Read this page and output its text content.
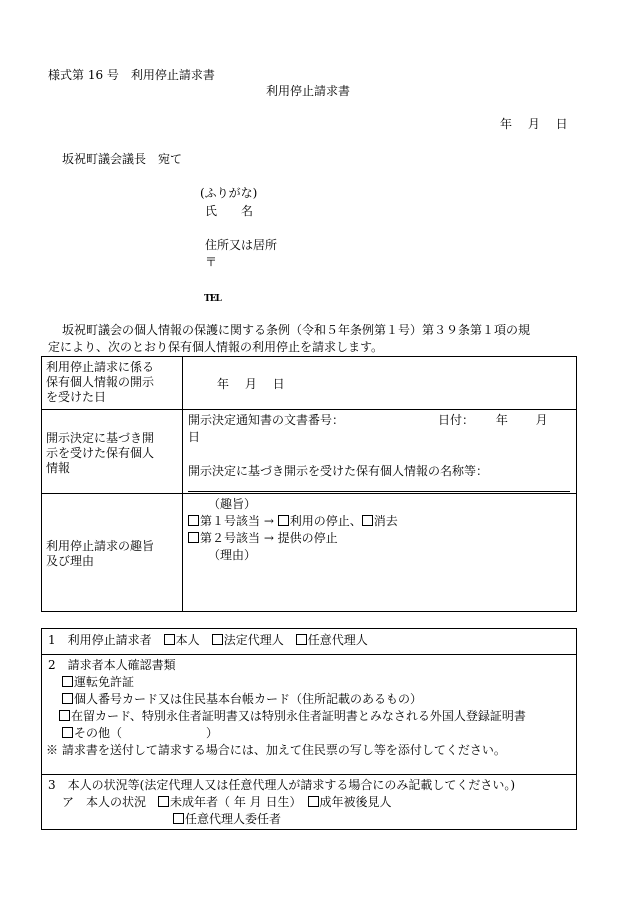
様式第 16 号　利用停止請求書
利用停止請求書
年　 月　 日
坂祝町議会議長　宛て
(ふりがな)
氏　　名
住所又は居所
〒
TEL
坂祝町議会の個人情報の保護に関する条例（令和５年条例第１号）第３９条第１項の規
定により、次のとおり保有個人情報の利用停止を請求します。
利用停止請求に係る
保有個人情報の開示
を受けた日
年　 月　 日
開示決定に基づき開
示を受けた保有個人
情報
開示決定通知書の文書番号：	日付：　　 年　　 月
日
開示決定に基づき開示を受けた保有個人情報の名称等：
利用停止請求の趣旨
及び理由
（趣旨）
第１号該当 → 利用の停止、 消去
第２号該当 → 提供の停止
（理由）
1　利用停止請求者　 本人　 法定代理人　 任意代理人
2　請求者本人確認書類
運転免許証
個人番号カード又は住民基本台帳カード（住所記載のあるもの）
在留カード、特別永住者証明書又は特別永住者証明書とみなされる外国人登録証明書
その他（　　　　　　　）
※ 請求書を送付して請求する場合には、加えて住民票の写し等を添付してください。
3　本人の状況等(法定代理人又は任意代理人が請求する場合にのみ記載してください。)
ア　本人の状況　 未成年者（ 年 月 日生）　 成年被後見人
任意代理人委任者
